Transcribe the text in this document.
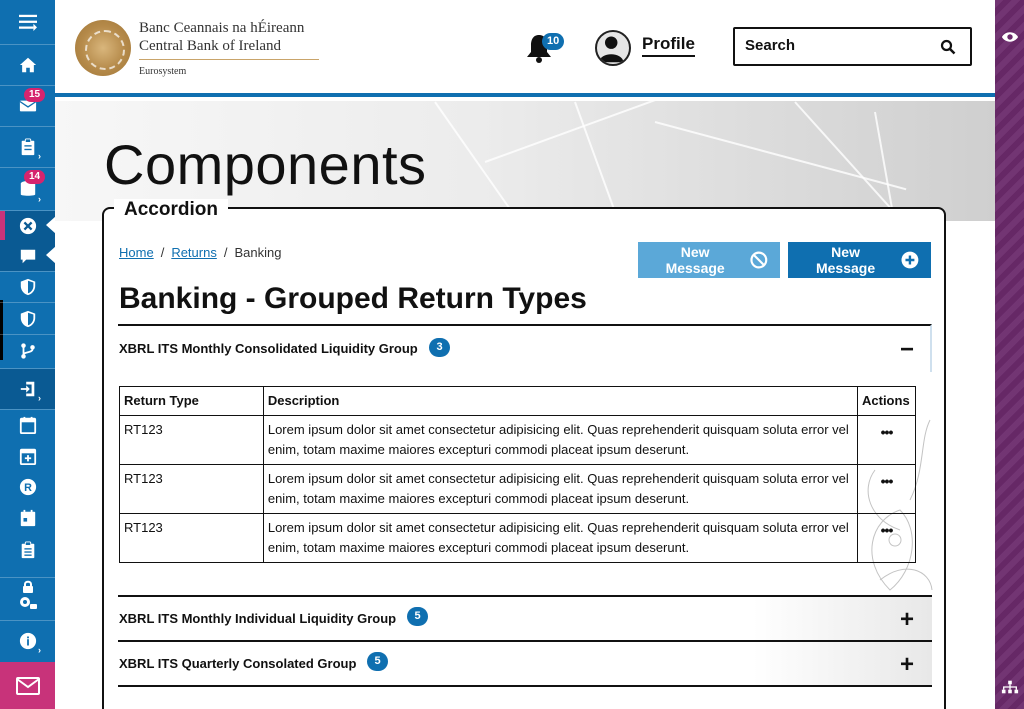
15
›
14
›
›
R
›
Banc Ceannais na hÉireann
Central Bank of Ireland
Eurosystem
10	Profile
Search
Components
Accordion
Home / Returns / Banking	New Message
New Message
Banking - Grouped Return Types
XBRL ITS Monthly Consolidated Liquidity Group	3	−
Return Type	Description	Actions
RT123	Lorem ipsum dolor sit amet consectetur adipisicing elit. Quas reprehenderit quisquam soluta error vel enim, totam maxime maiores excepturi commodi placeat ipsum deserunt.	•••

RT123	Lorem ipsum dolor sit amet consectetur adipisicing elit. Quas reprehenderit quisquam soluta error vel enim, totam maxime maiores excepturi commodi placeat ipsum deserunt.	•••

RT123	Lorem ipsum dolor sit amet consectetur adipisicing elit. Quas reprehenderit quisquam soluta error vel enim, totam maxime maiores excepturi commodi placeat ipsum deserunt.	•••
XBRL ITS Monthly Individual Liquidity Group	5	+
XBRL ITS Quarterly Consolated Group	5	+
